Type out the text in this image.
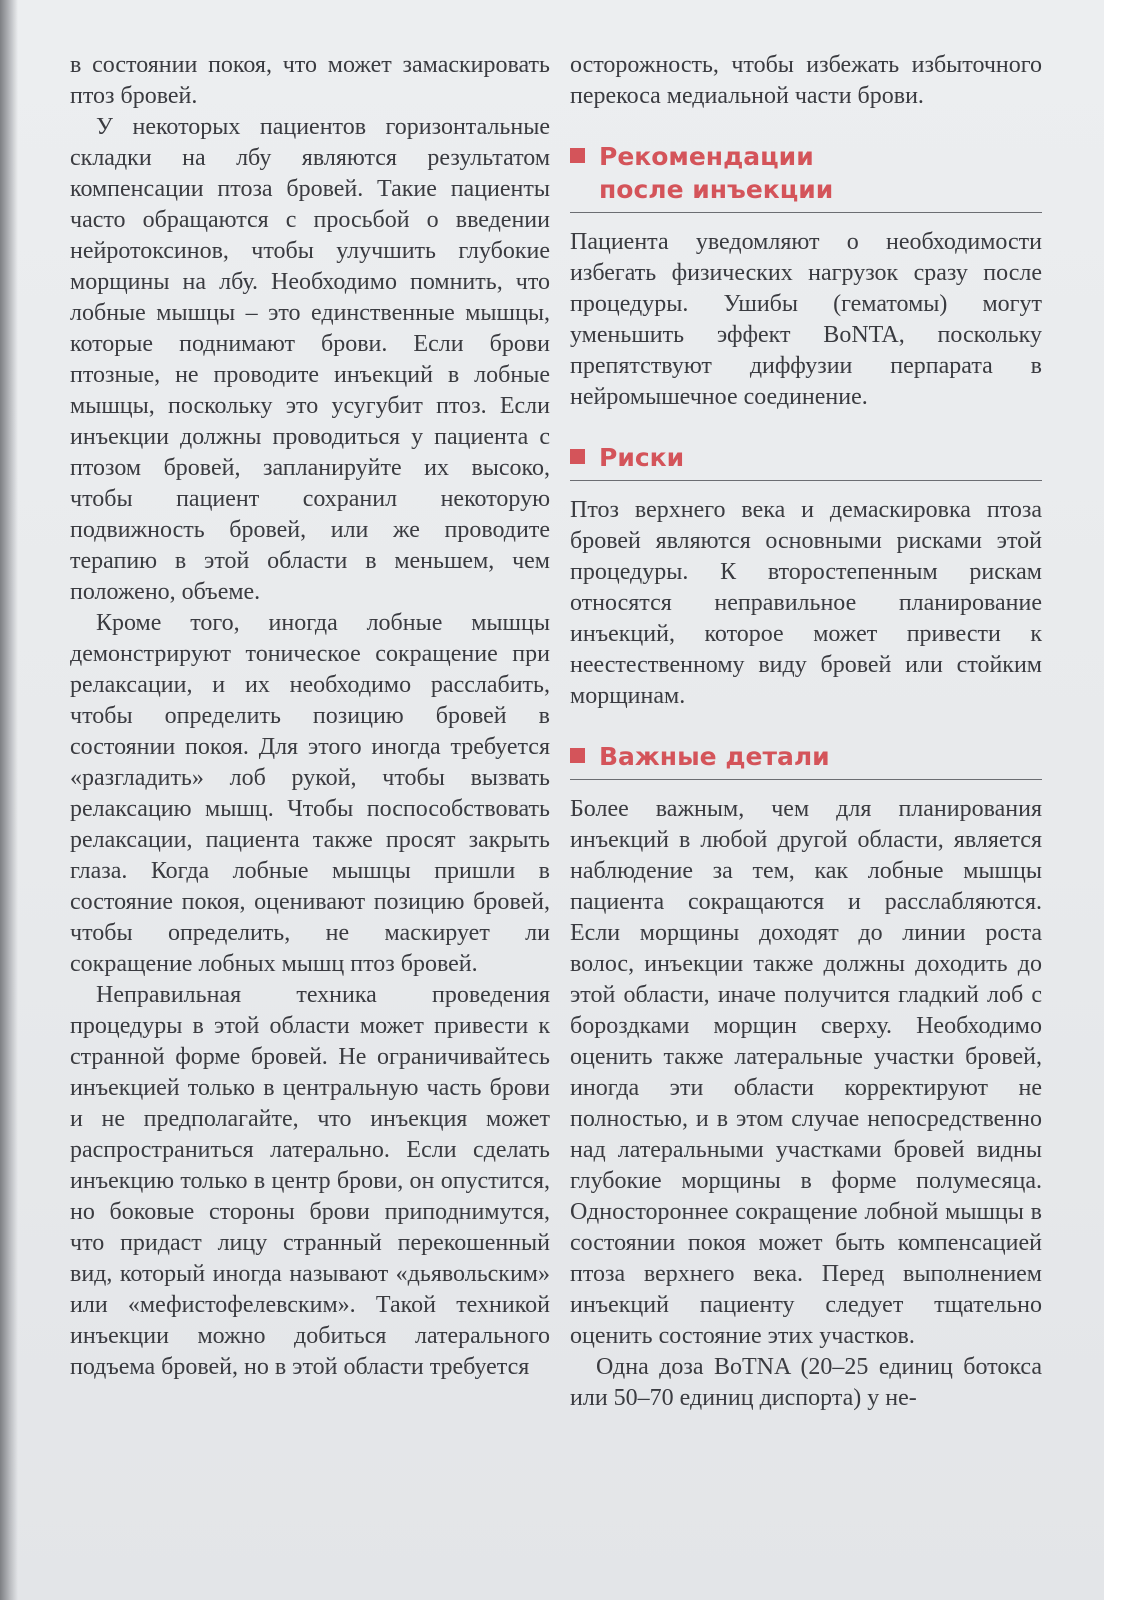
в состоянии покоя, что может замаскировать птоз бровей.

У некоторых пациентов горизонтальные складки на лбу являются результатом компенсации птоза бровей. Такие пациенты часто обращаются с просьбой о введении нейротоксинов, чтобы улучшить глубокие морщины на лбу. Необходимо помнить, что лобные мышцы – это единственные мышцы, которые поднимают брови. Если брови птозные, не проводите инъекций в лобные мышцы, поскольку это усугубит птоз. Если инъекции должны проводиться у пациента с птозом бровей, запланируйте их высоко, чтобы пациент сохранил некоторую подвижность бровей, или же проводите терапию в этой области в меньшем, чем положено, объеме.

Кроме того, иногда лобные мышцы демонстрируют тоническое сокращение при релаксации, и их необходимо расслабить, чтобы определить позицию бровей в состоянии покоя. Для этого иногда требуется «разгладить» лоб рукой, чтобы вызвать релаксацию мышц. Чтобы поспособствовать релаксации, пациента также просят закрыть глаза. Когда лобные мышцы пришли в состояние покоя, оценивают позицию бровей, чтобы определить, не маскирует ли сокращение лобных мышц птоз бровей.

Неправильная техника проведения процедуры в этой области может привести к странной форме бровей. Не ограничивайтесь инъекцией только в центральную часть брови и не предполагайте, что инъекция может распространиться латерально. Если сделать инъекцию только в центр брови, он опустится, но боковые стороны брови приподнимутся, что придаст лицу странный перекошенный вид, который иногда называют «дьявольским» или «мефистофелевским». Такой техникой инъекции можно добиться латерального подъема бровей, но в этой области требуется

осторожность, чтобы избежать избыточного перекоса медиальной части брови.

Рекомендации
после инъекции

Пациента уведомляют о необходимости избегать физических нагрузок сразу после процедуры. Ушибы (гематомы) могут уменьшить эффект BoNTA, поскольку препятствуют диффузии перпарата в нейромышечное соединение.

Риски

Птоз верхнего века и демаскировка птоза бровей являются основными рисками этой процедуры. К второстепенным рискам относятся неправильное планирование инъекций, которое может привести к неестественному виду бровей или стойким морщинам.

Важные детали

Более важным, чем для планирования инъекций в любой другой области, является наблюдение за тем, как лобные мышцы пациента сокращаются и расслабляются. Если морщины доходят до линии роста волос, инъекции также должны доходить до этой области, иначе получится гладкий лоб с бороздками морщин сверху. Необходимо оценить также латеральные участки бровей, иногда эти области корректируют не полностью, и в этом случае непосредственно над латеральными участками бровей видны глубокие морщины в форме полумесяца. Одностороннее сокращение лобной мышцы в состоянии покоя может быть компенсацией птоза верхнего века. Перед выполнением инъекций пациенту следует тщательно оценить состояние этих участков.

Одна доза BoTNA (20–25 единиц ботокса или 50–70 единиц диспорта) у не-
